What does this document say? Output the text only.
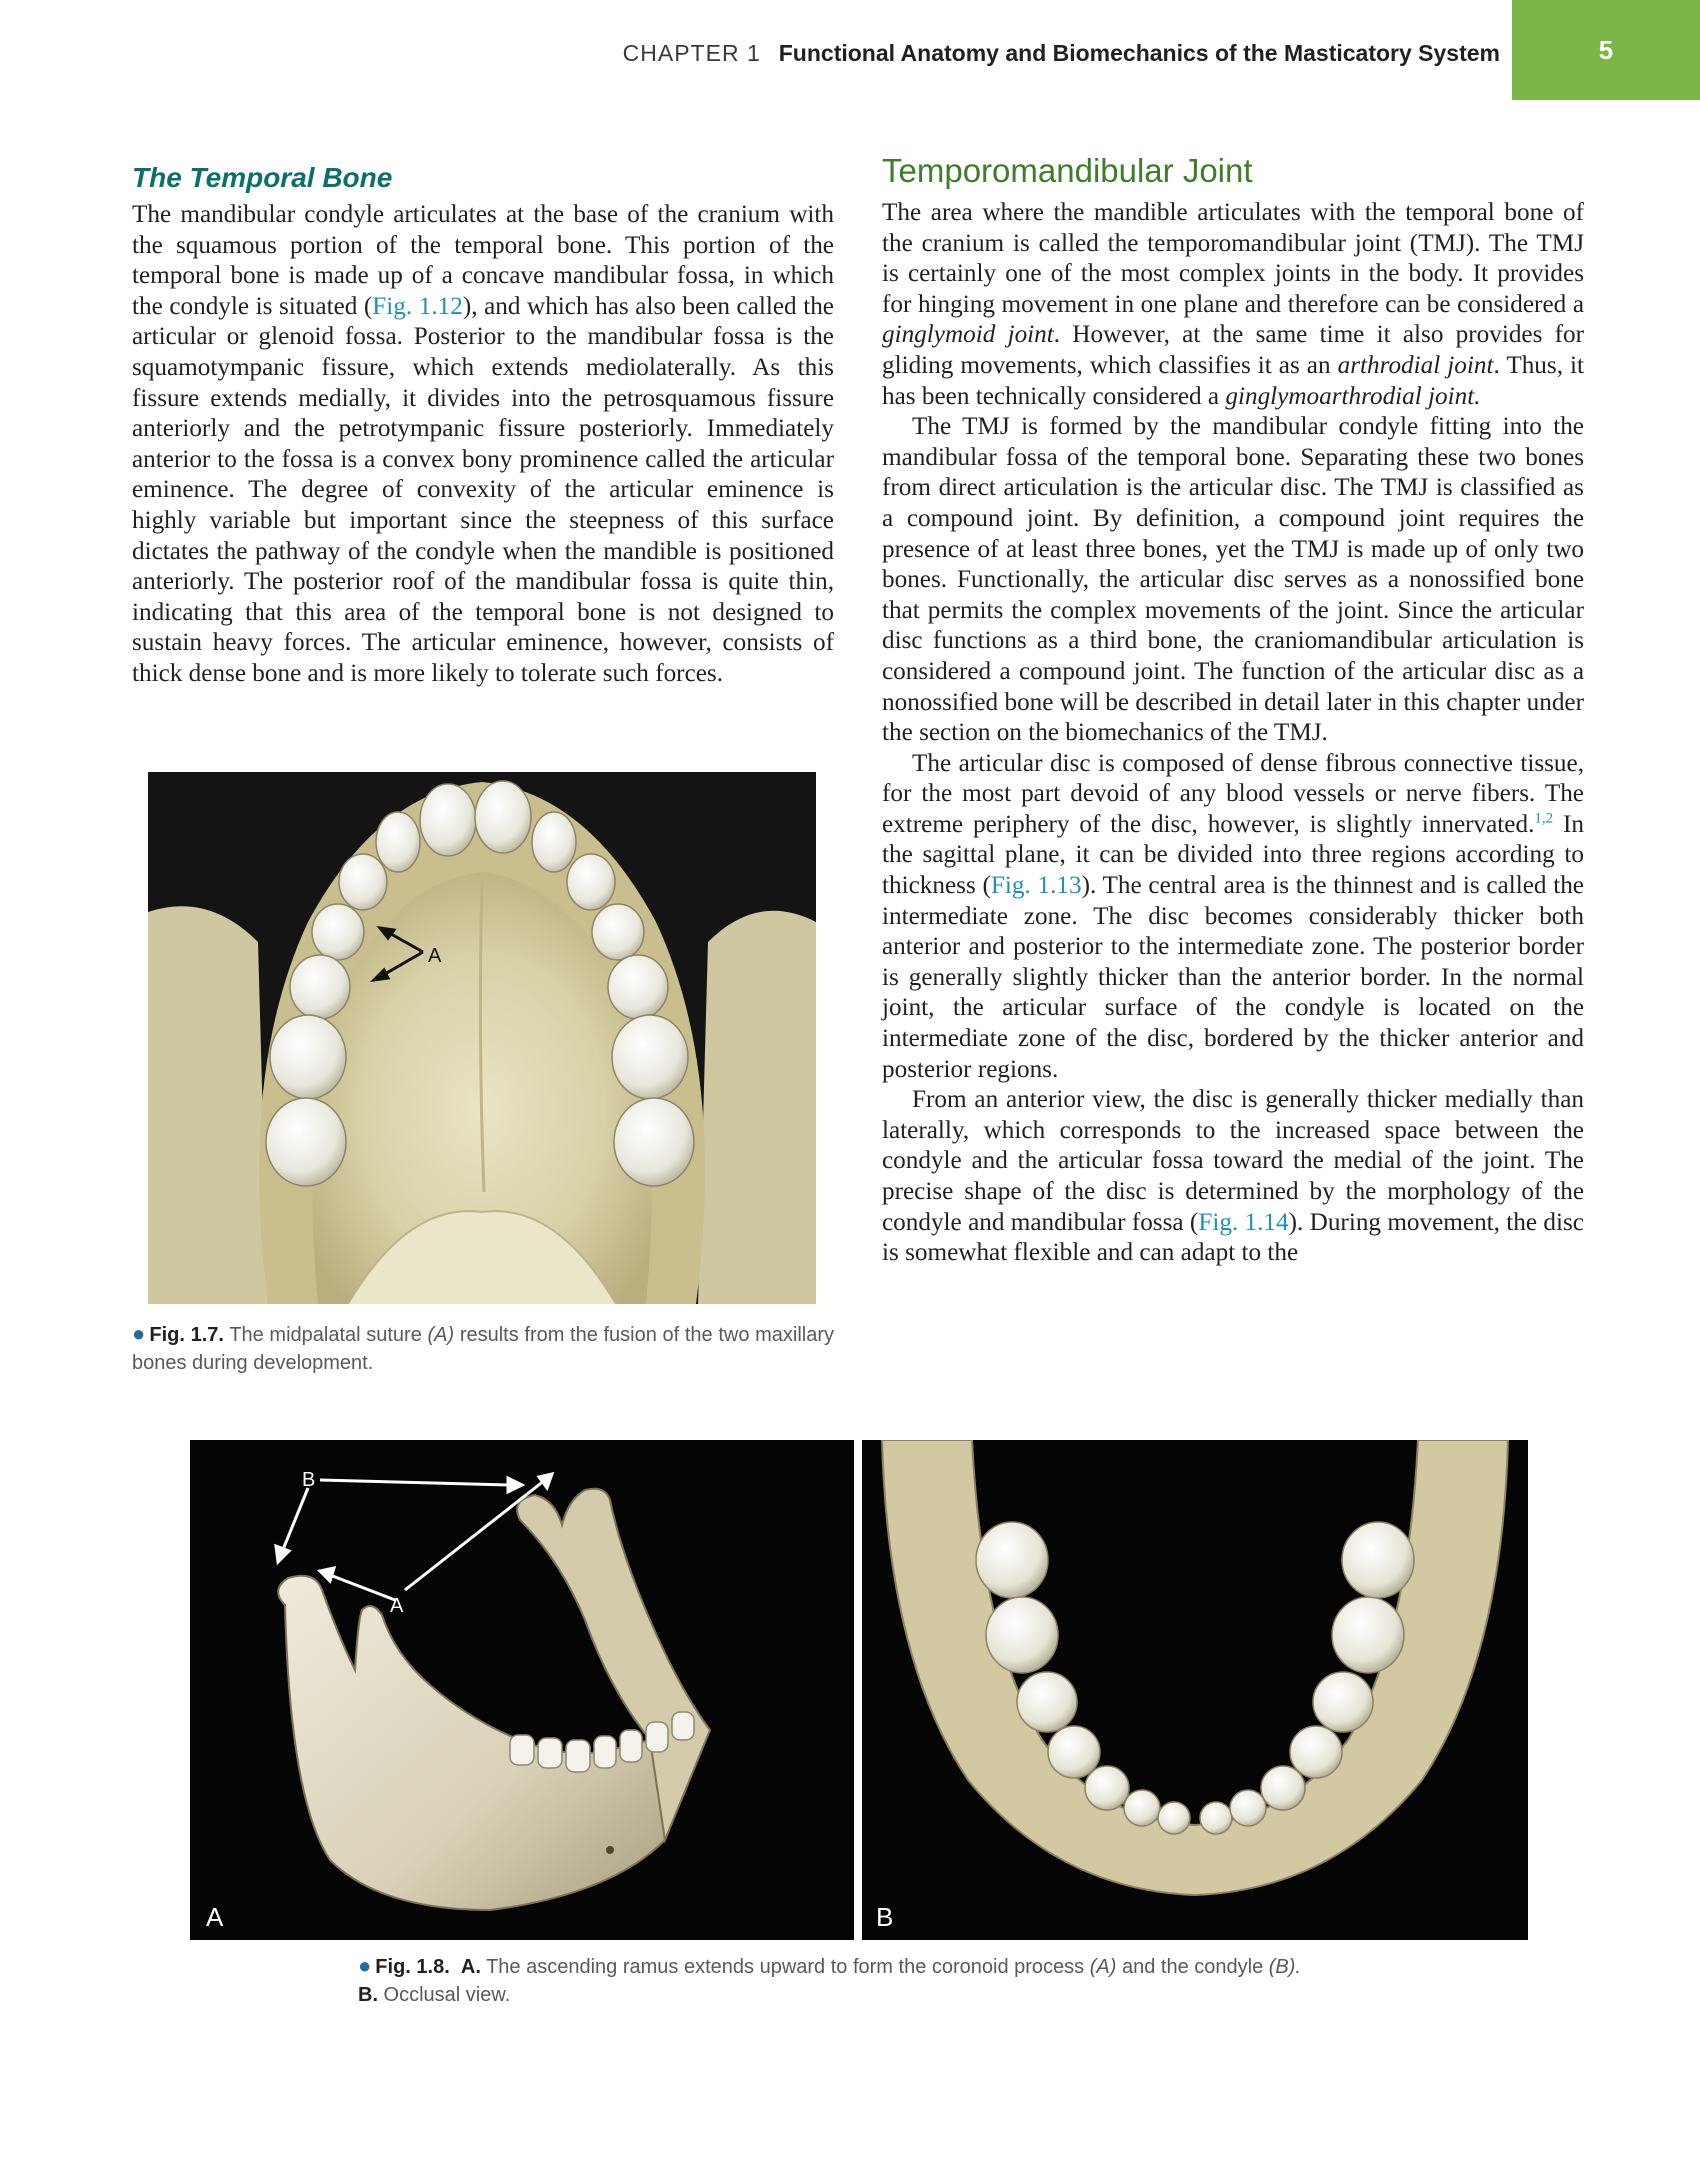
CHAPTER 1 Functional Anatomy and Biomechanics of the Masticatory System	5
The Temporal Bone

The mandibular condyle articulates at the base of the cranium with the squamous portion of the temporal bone. This portion of the temporal bone is made up of a concave mandibular fossa, in which the condyle is situated (Fig. 1.12), and which has also been called the articular or glenoid fossa. Posterior to the mandibular fossa is the squamotympanic fissure, which extends mediolaterally. As this fissure extends medially, it divides into the petrosquamous fissure anteriorly and the petrotympanic fissure posteriorly. Immediately anterior to the fossa is a convex bony prominence called the articular eminence. The degree of convexity of the articular eminence is highly variable but important since the steepness of this surface dictates the pathway of the condyle when the mandible is positioned anteriorly. The posterior roof of the mandibular fossa is quite thin, indicating that this area of the temporal bone is not designed to sustain heavy forces. The articular eminence, however, consists of thick dense bone and is more likely to tolerate such forces.

Temporomandibular Joint

The area where the mandible articulates with the temporal bone of the cranium is called the temporomandibular joint (TMJ). The TMJ is certainly one of the most complex joints in the body. It provides for hinging movement in one plane and therefore can be considered a ginglymoid joint. However, at the same time it also provides for gliding movements, which classifies it as an arthrodial joint. Thus, it has been technically considered a ginglymoarthrodial joint.

The TMJ is formed by the mandibular condyle fitting into the mandibular fossa of the temporal bone. Separating these two bones from direct articulation is the articular disc. The TMJ is classified as a compound joint. By definition, a compound joint requires the presence of at least three bones, yet the TMJ is made up of only two bones. Functionally, the articular disc serves as a nonossified bone that permits the complex movements of the joint. Since the articular disc functions as a third bone, the craniomandibular articulation is considered a compound joint. The function of the articular disc as a nonossified bone will be described in detail later in this chapter under the section on the biomechanics of the TMJ.

The articular disc is composed of dense fibrous connective tissue, for the most part devoid of any blood vessels or nerve fibers. The extreme periphery of the disc, however, is slightly innervated.$^{1,2}$ In the sagittal plane, it can be divided into three regions according to thickness (Fig. 1.13). The central area is the thinnest and is called the intermediate zone. The disc becomes considerably thicker both anterior and posterior to the intermediate zone. The posterior border is generally slightly thicker than the anterior border. In the normal joint, the articular surface of the condyle is located on the intermediate zone of the disc, bordered by the thicker anterior and posterior regions.

From an anterior view, the disc is generally thicker medially than laterally, which corresponds to the increased space between the condyle and the articular fossa toward the medial of the joint. The precise shape of the disc is determined by the morphology of the condyle and mandibular fossa (Fig. 1.14). During movement, the disc is somewhat flexible and can adapt to the

A
● Fig. 1.7. The midpalatal suture (A) results from the fusion of the two maxillary bones during development.
B
A
A	B
● Fig. 1.8. A. The ascending ramus extends upward to form the coronoid process (A) and the condyle (B).
B. Occlusal view.
